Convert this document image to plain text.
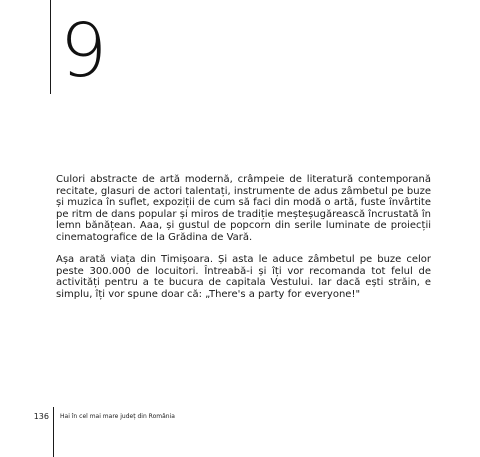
9

Culori abstracte de artă modernă, crâmpeie de literatură contemporană recitate, glasuri de actori talentați, instrumente de adus zâmbetul pe buze și muzica în suflet, expoziții de cum să faci din modă o artă, fuste învârtite pe ritm de dans popular și miros de tradiție meșteșugărească încrustată în lemn bănățean. Aaa, și gustul de popcorn din serile luminate de proiecții cinematografice de la Grădina de Vară.

Așa arată viața din Timișoara. Și asta le aduce zâmbetul pe buze celor peste 300.000 de locuitori. Întreabă-i și îți vor recomanda tot felul de activități pentru a te bucura de capitala Vestului. Iar dacă ești străin, e simplu, îți vor spune doar că: „There's a party for everyone!"

136 Hai în cel mai mare județ din România
